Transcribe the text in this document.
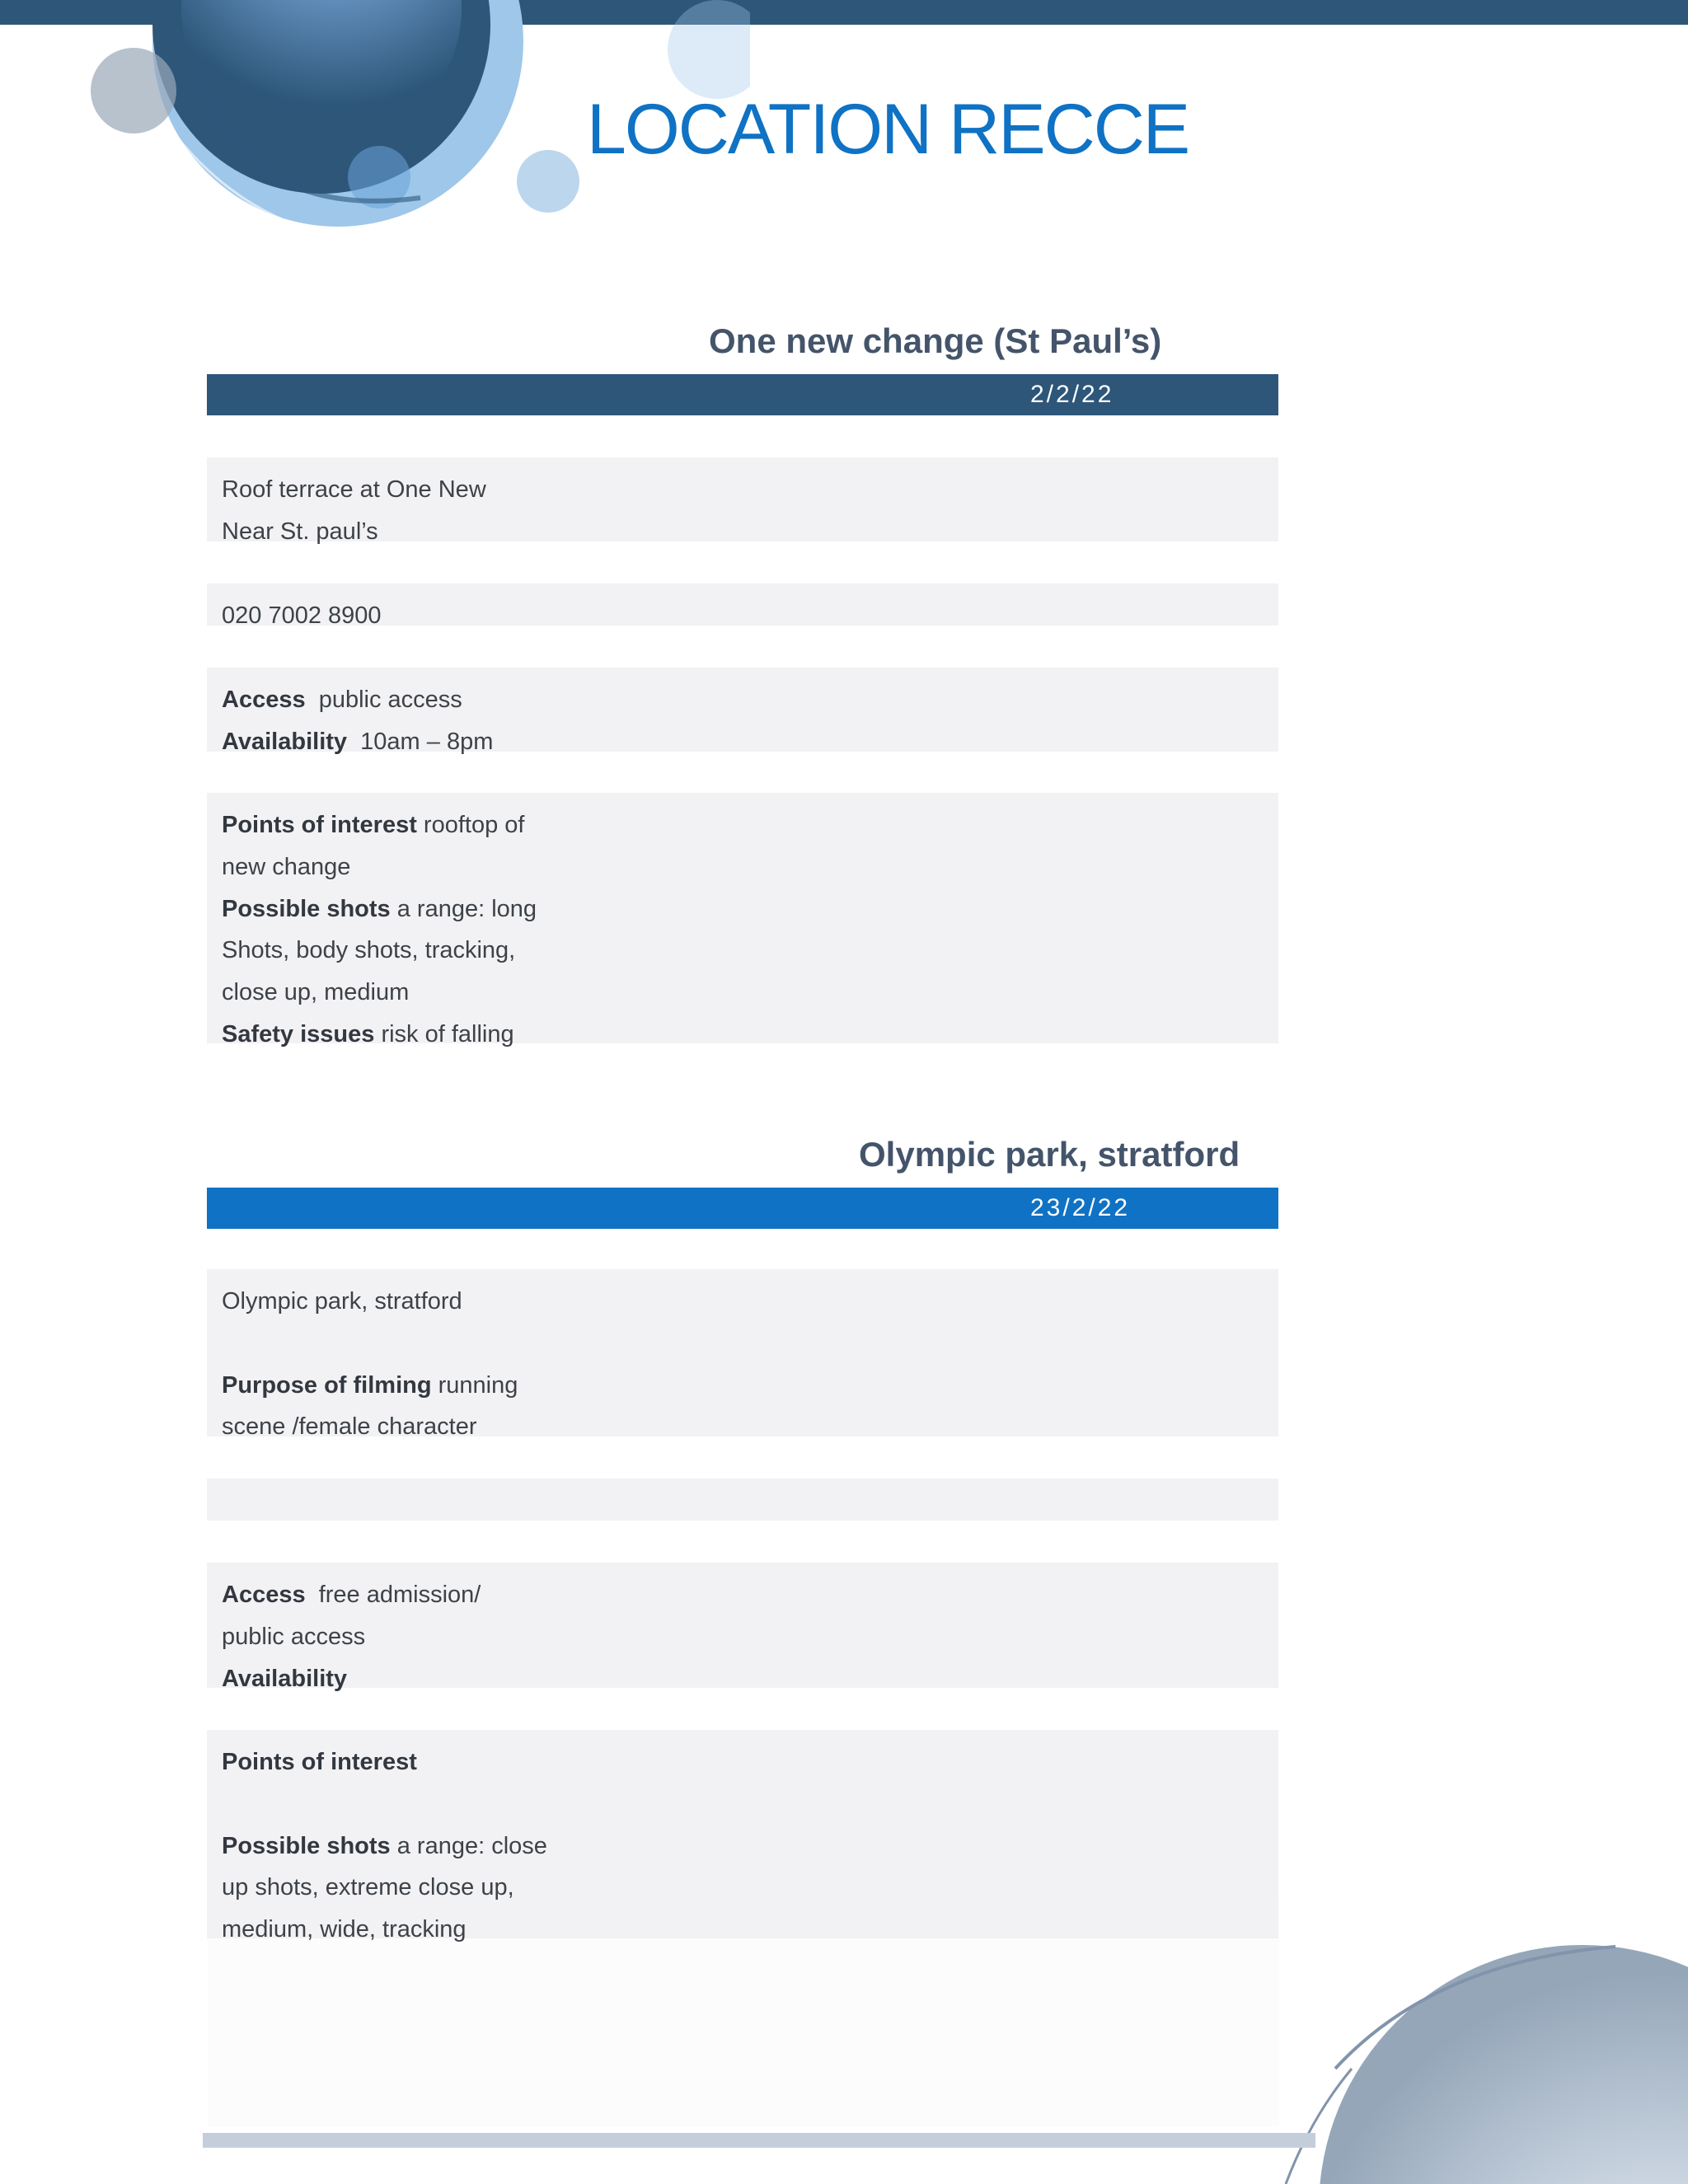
LOCATION RECCE
One new change (St Paul’s)
2/2/22
Roof terrace at One New
Near St. paul’s
020 7002 8900
Access public access
Availability 10am – 8pm
Points of interest rooftop of
new change
Possible shots a range: long
Shots, body shots, tracking,
close up, medium
Safety issues risk of falling
Olympic park, stratford
23/2/22
Olympic park, stratford
Purpose of filming running
scene /female character
Access free admission/
public access
Availability
Points of interest
Possible shots a range: close
up shots, extreme close up,
medium, wide, tracking
